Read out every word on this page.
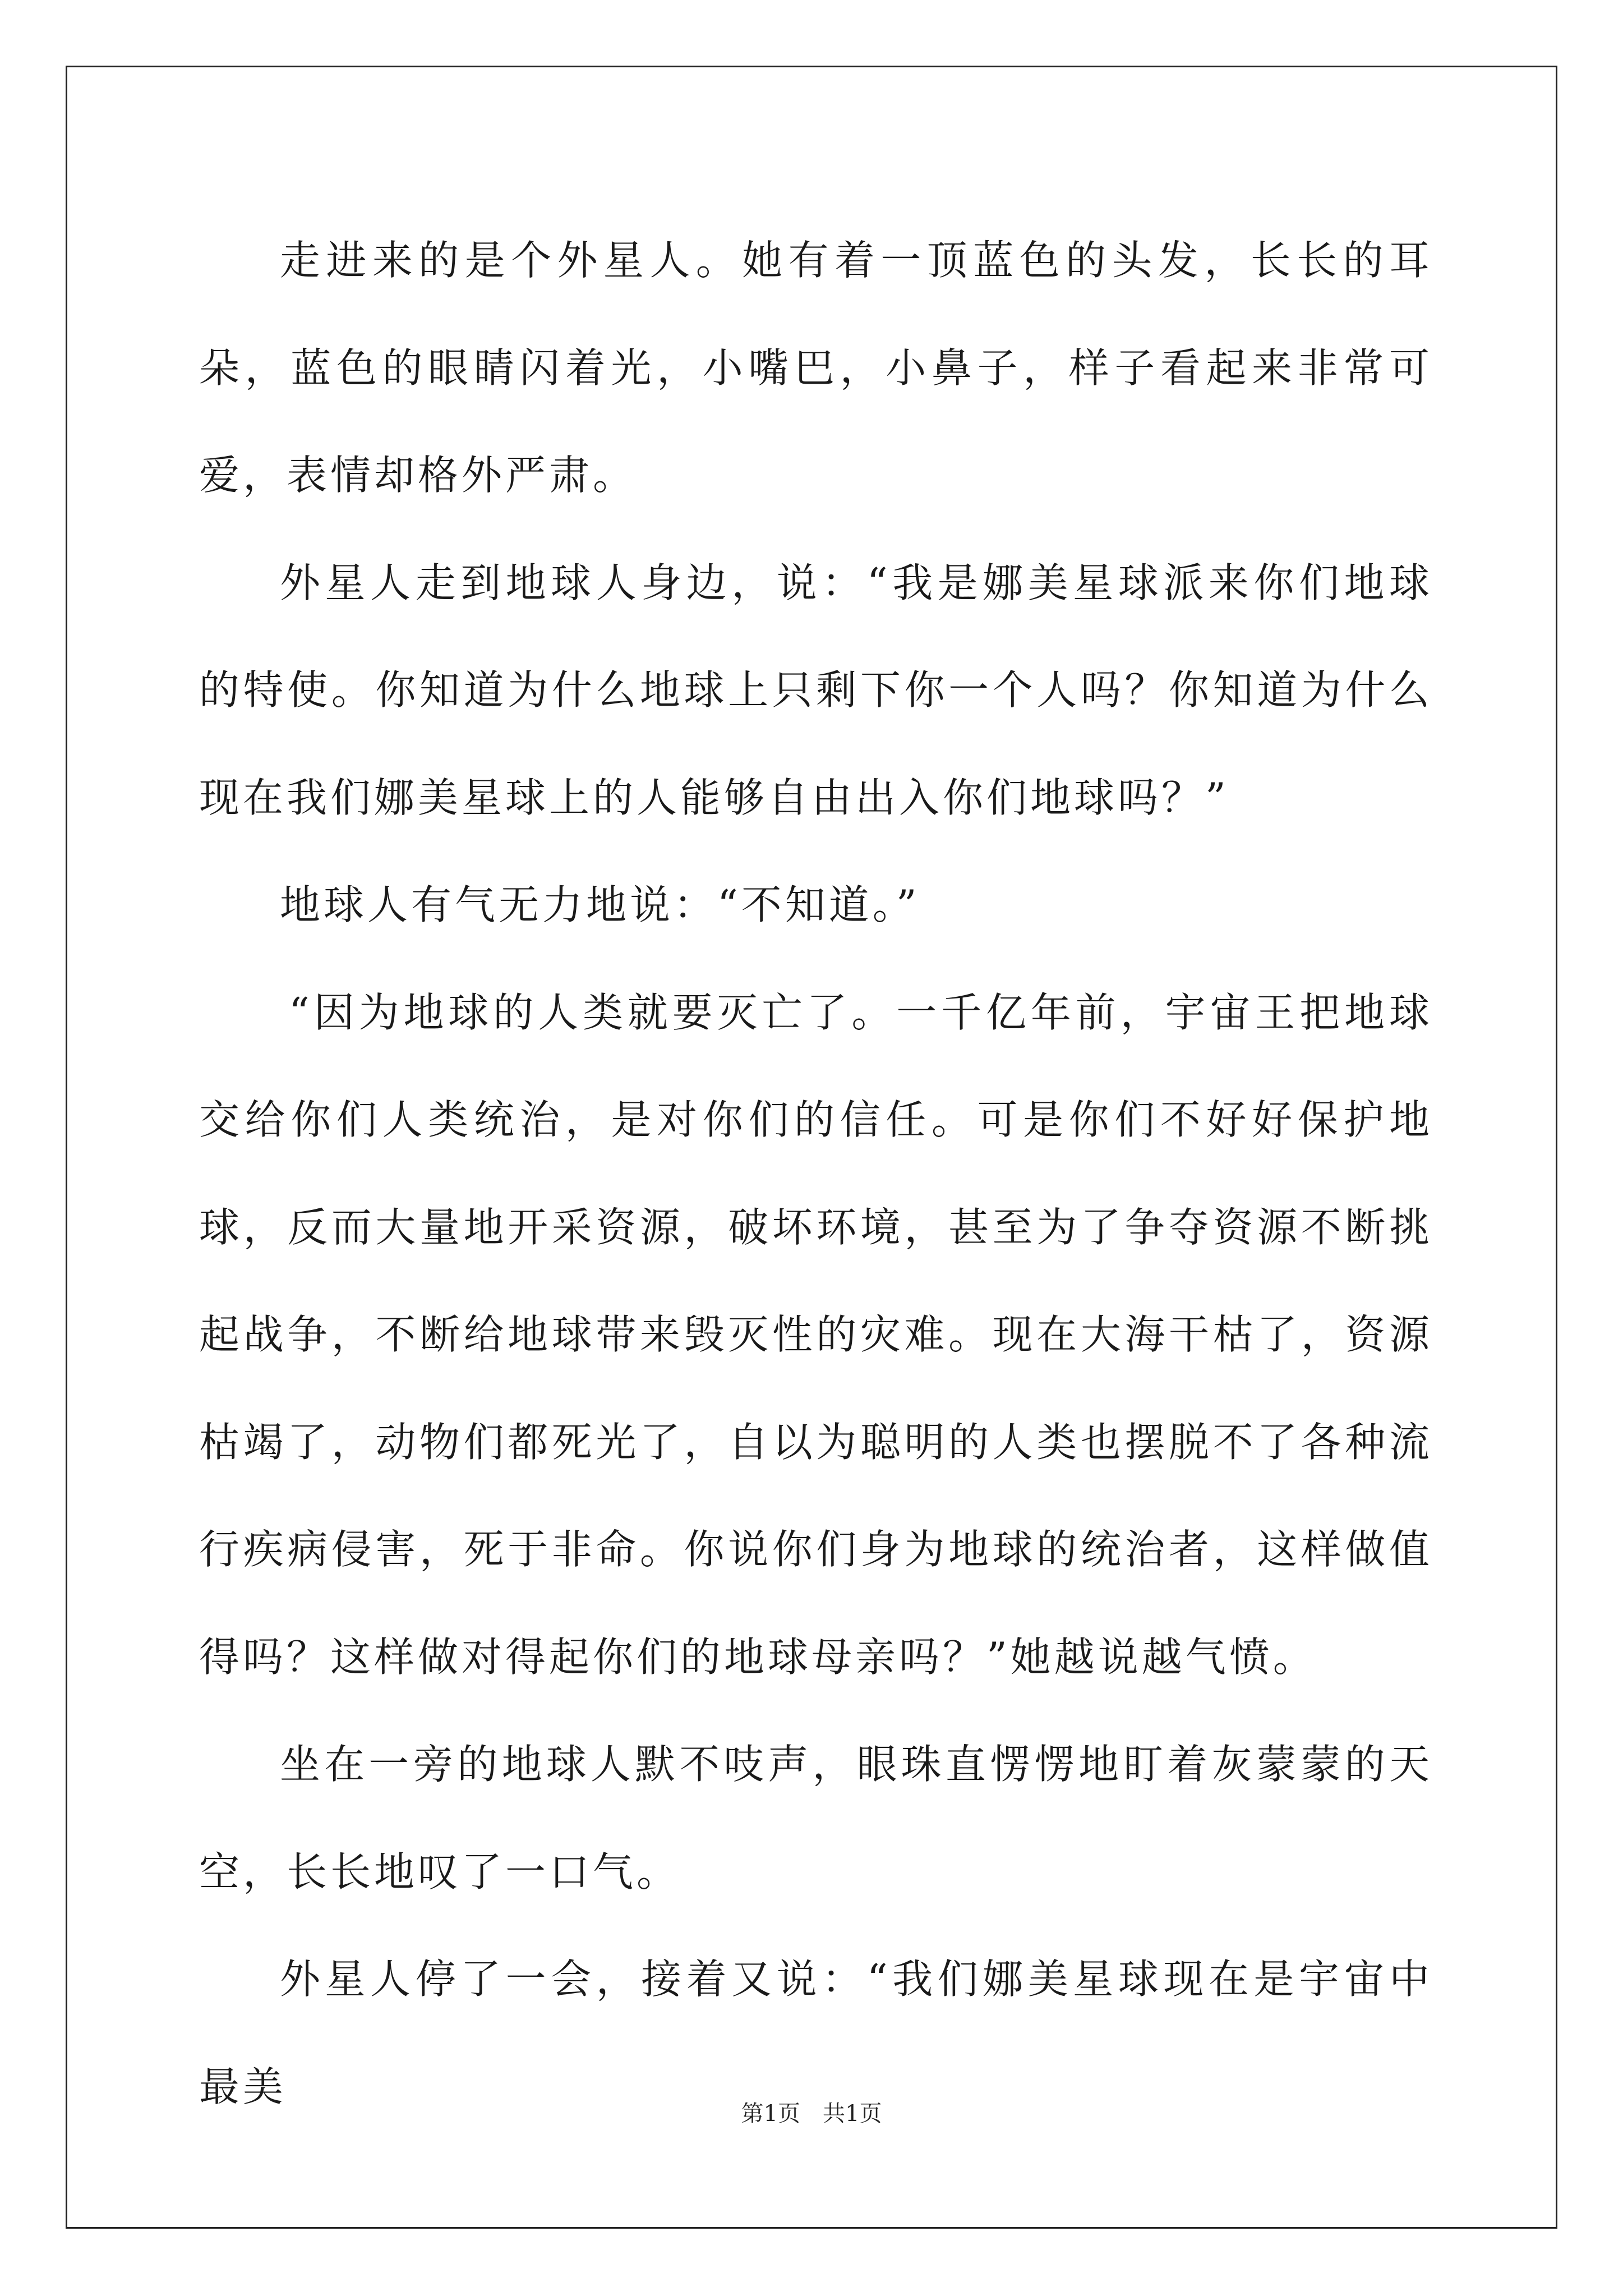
走进来的是个外星人。她有着一顶蓝色的头发，长长的耳朵，蓝色的眼睛闪着光，小嘴巴，小鼻子，样子看起来非常可爱，表情却格外严肃。

外星人走到地球人身边，说：“我是娜美星球派来你们地球的特使。你知道为什么地球上只剩下你一个人吗？你知道为什么现在我们娜美星球上的人能够自由出入你们地球吗？”

地球人有气无力地说：“不知道。”

“因为地球的人类就要灭亡了。一千亿年前，宇宙王把地球交给你们人类统治，是对你们的信任。可是你们不好好保护地球，反而大量地开采资源，破坏环境，甚至为了争夺资源不断挑起战争，不断给地球带来毁灭性的灾难。现在大海干枯了，资源枯竭了，动物们都死光了，自以为聪明的人类也摆脱不了各种流行疾病侵害，死于非命。你说你们身为地球的统治者，这样做值得吗？这样做对得起你们的地球母亲吗？”她越说越气愤。

坐在一旁的地球人默不吱声，眼珠直愣愣地盯着灰蒙蒙的天空，长长地叹了一口气。

外星人停了一会，接着又说：“我们娜美星球现在是宇宙中最美

第1页 共1页
